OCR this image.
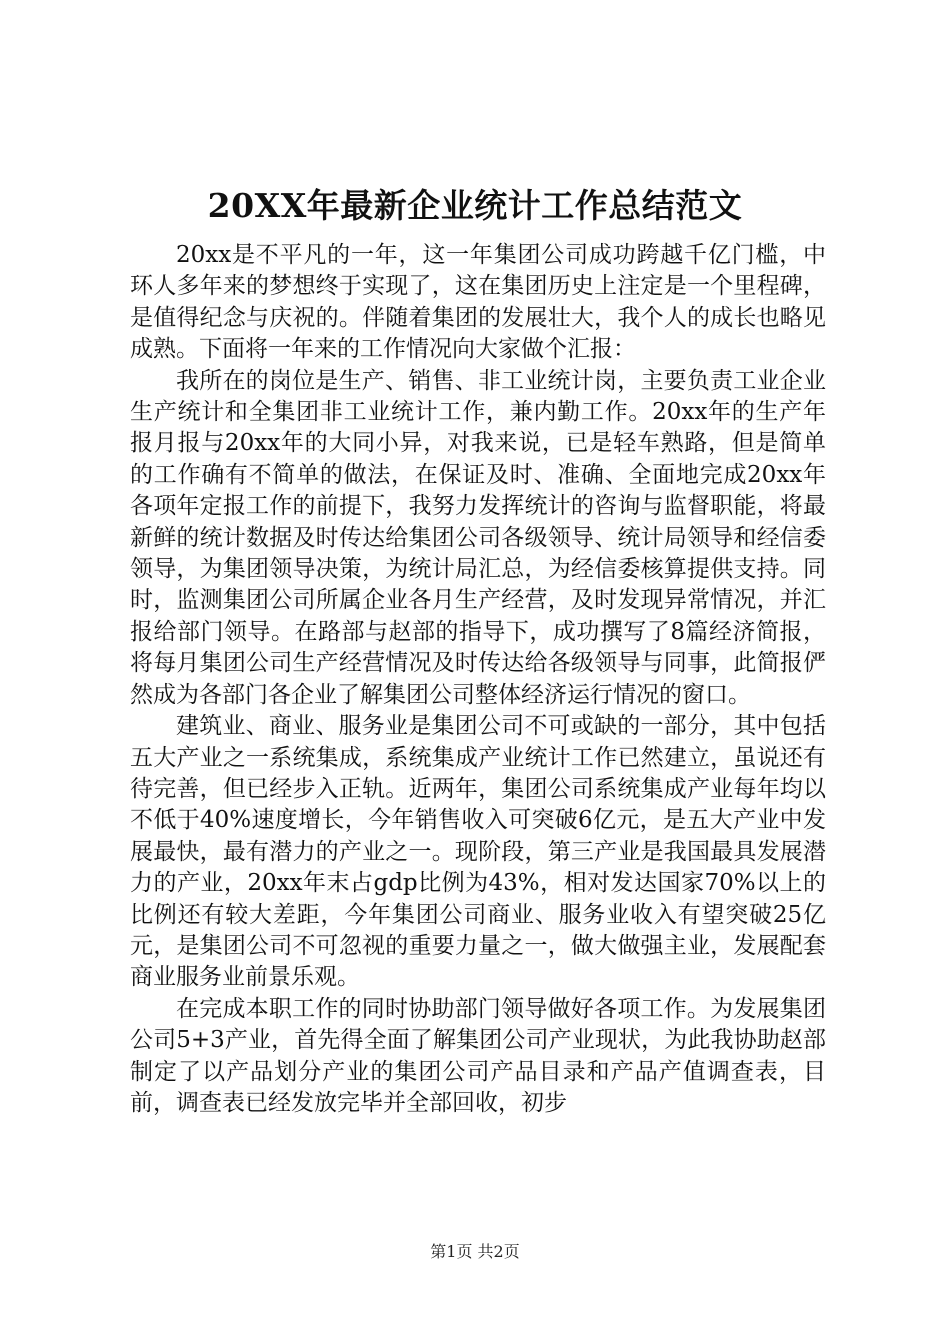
20XX年最新企业统计工作总结范文

20xx是不平凡的一年，这一年集团公司成功跨越千亿门槛，中环人多年来的梦想终于实现了，这在集团历史上注定是一个里程碑，是值得纪念与庆祝的。伴随着集团的发展壮大，我个人的成长也略见成熟。下面将一年来的工作情况向大家做个汇报：

我所在的岗位是生产、销售、非工业统计岗，主要负责工业企业生产统计和全集团非工业统计工作，兼内勤工作。20xx年的生产年报月报与20xx年的大同小异，对我来说，已是轻车熟路，但是简单的工作确有不简单的做法，在保证及时、准确、全面地完成20xx年各项年定报工作的前提下，我努力发挥统计的咨询与监督职能，将最新鲜的统计数据及时传达给集团公司各级领导、统计局领导和经信委领导，为集团领导决策，为统计局汇总，为经信委核算提供支持。同时，监测集团公司所属企业各月生产经营，及时发现异常情况，并汇报给部门领导。在路部与赵部的指导下，成功撰写了8篇经济简报，将每月集团公司生产经营情况及时传达给各级领导与同事，此简报俨然成为各部门各企业了解集团公司整体经济运行情况的窗口。

建筑业、商业、服务业是集团公司不可或缺的一部分，其中包括五大产业之一系统集成，系统集成产业统计工作已然建立，虽说还有待完善，但已经步入正轨。近两年，集团公司系统集成产业每年均以不低于40%速度增长，今年销售收入可突破6亿元，是五大产业中发展最快，最有潜力的产业之一。现阶段，第三产业是我国最具发展潜力的产业，20xx年末占gdp比例为43%，相对发达国家70%以上的比例还有较大差距，今年集团公司商业、服务业收入有望突破25亿元，是集团公司不可忽视的重要力量之一，做大做强主业，发展配套商业服务业前景乐观。

在完成本职工作的同时协助部门领导做好各项工作。为发展集团公司5+3产业，首先得全面了解集团公司产业现状，为此我协助赵部制定了以产品划分产业的集团公司产品目录和产品产值调查表，目前，调查表已经发放完毕并全部回收，初步

第1页 共2页
